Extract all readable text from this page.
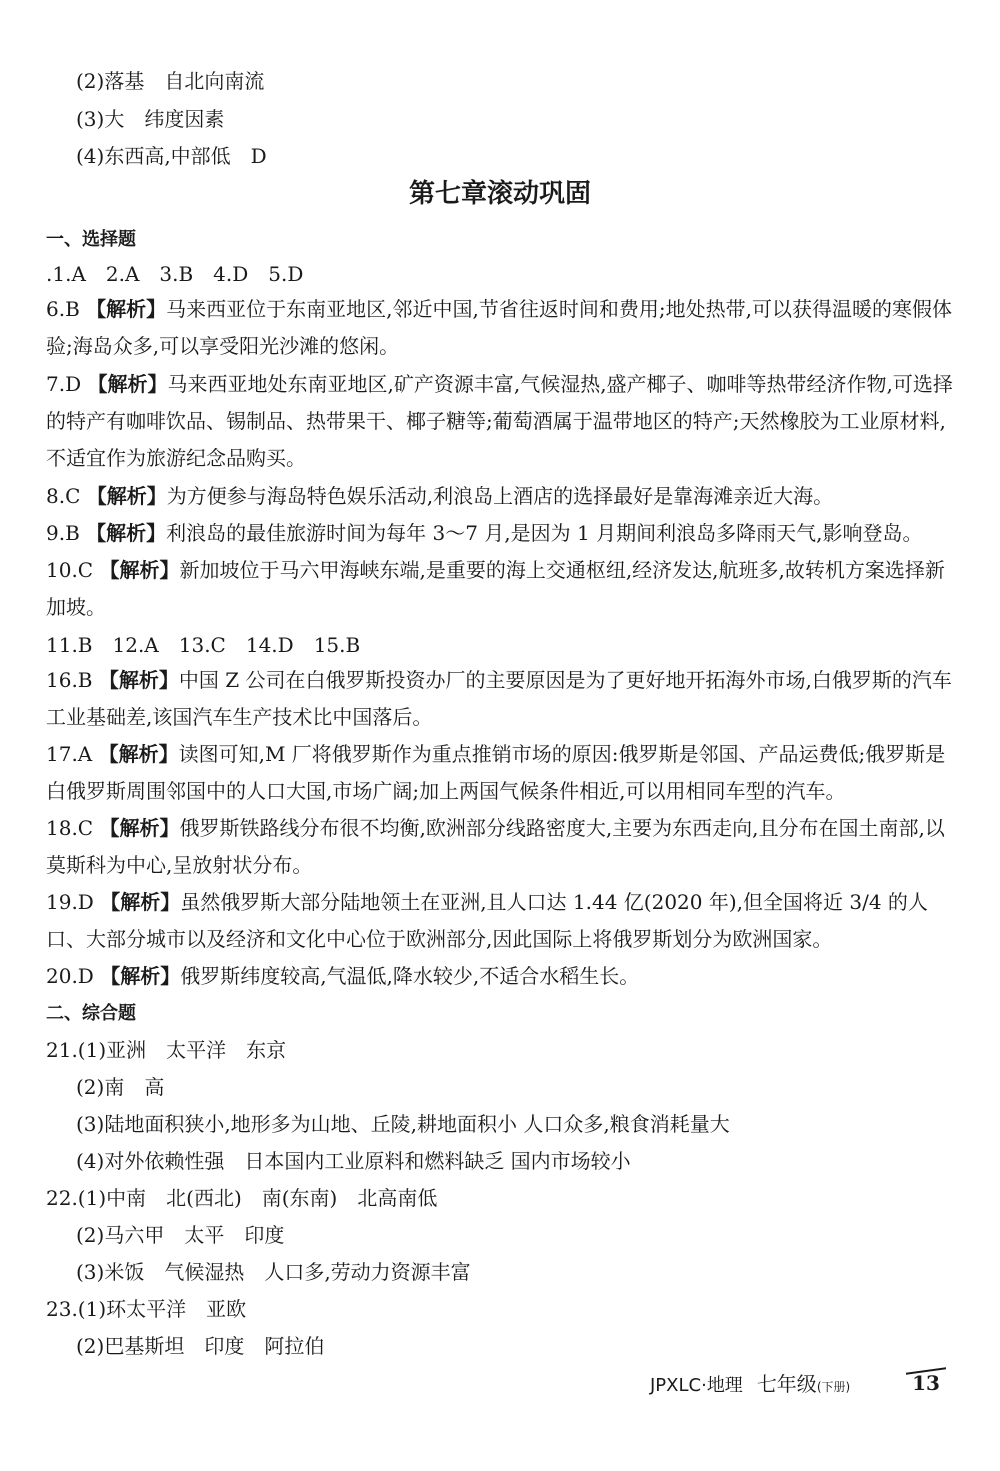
(2)落基　自北向南流
(3)大　纬度因素
(4)东西高,中部低　D
第七章滚动巩固
一、选择题
.1.A　2.A　3.B　4.D　5.D
6.B 【解析】马来西亚位于东南亚地区,邻近中国,节省往返时间和费用;地处热带,可以获得温暖的寒假体验;海岛众多,可以享受阳光沙滩的悠闲。
7.D 【解析】马来西亚地处东南亚地区,矿产资源丰富,气候湿热,盛产椰子、咖啡等热带经济作物,可选择的特产有咖啡饮品、锡制品、热带果干、椰子糖等;葡萄酒属于温带地区的特产;天然橡胶为工业原材料,不适宜作为旅游纪念品购买。
8.C 【解析】为方便参与海岛特色娱乐活动,利浪岛上酒店的选择最好是靠海滩亲近大海。
9.B 【解析】利浪岛的最佳旅游时间为每年 3～7 月,是因为 1 月期间利浪岛多降雨天气,影响登岛。
10.C 【解析】新加坡位于马六甲海峡东端,是重要的海上交通枢纽,经济发达,航班多,故转机方案选择新加坡。
11.B　12.A　13.C　14.D　15.B
16.B 【解析】中国 Z 公司在白俄罗斯投资办厂的主要原因是为了更好地开拓海外市场,白俄罗斯的汽车工业基础差,该国汽车生产技术比中国落后。
17.A 【解析】读图可知,M 厂将俄罗斯作为重点推销市场的原因:俄罗斯是邻国、产品运费低;俄罗斯是白俄罗斯周围邻国中的人口大国,市场广阔;加上两国气候条件相近,可以用相同车型的汽车。
18.C 【解析】俄罗斯铁路线分布很不均衡,欧洲部分线路密度大,主要为东西走向,且分布在国土南部,以莫斯科为中心,呈放射状分布。
19.D 【解析】虽然俄罗斯大部分陆地领土在亚洲,且人口达 1.44 亿(2020 年),但全国将近 3/4 的人口、大部分城市以及经济和文化中心位于欧洲部分,因此国际上将俄罗斯划分为欧洲国家。
20.D 【解析】俄罗斯纬度较高,气温低,降水较少,不适合水稻生长。
二、综合题
21.(1)亚洲　太平洋　东京
(2)南　高
(3)陆地面积狭小,地形多为山地、丘陵,耕地面积小 人口众多,粮食消耗量大
(4)对外依赖性强　日本国内工业原料和燃料缺乏 国内市场较小
22.(1)中南　北(西北)　南(东南)　北高南低
(2)马六甲　太平　印度
(3)米饭　气候湿热　人口多,劳动力资源丰富
23.(1)环太平洋　亚欧
(2)巴基斯坦　印度　阿拉伯
JPXLC·地理 七年级(下册)	13
